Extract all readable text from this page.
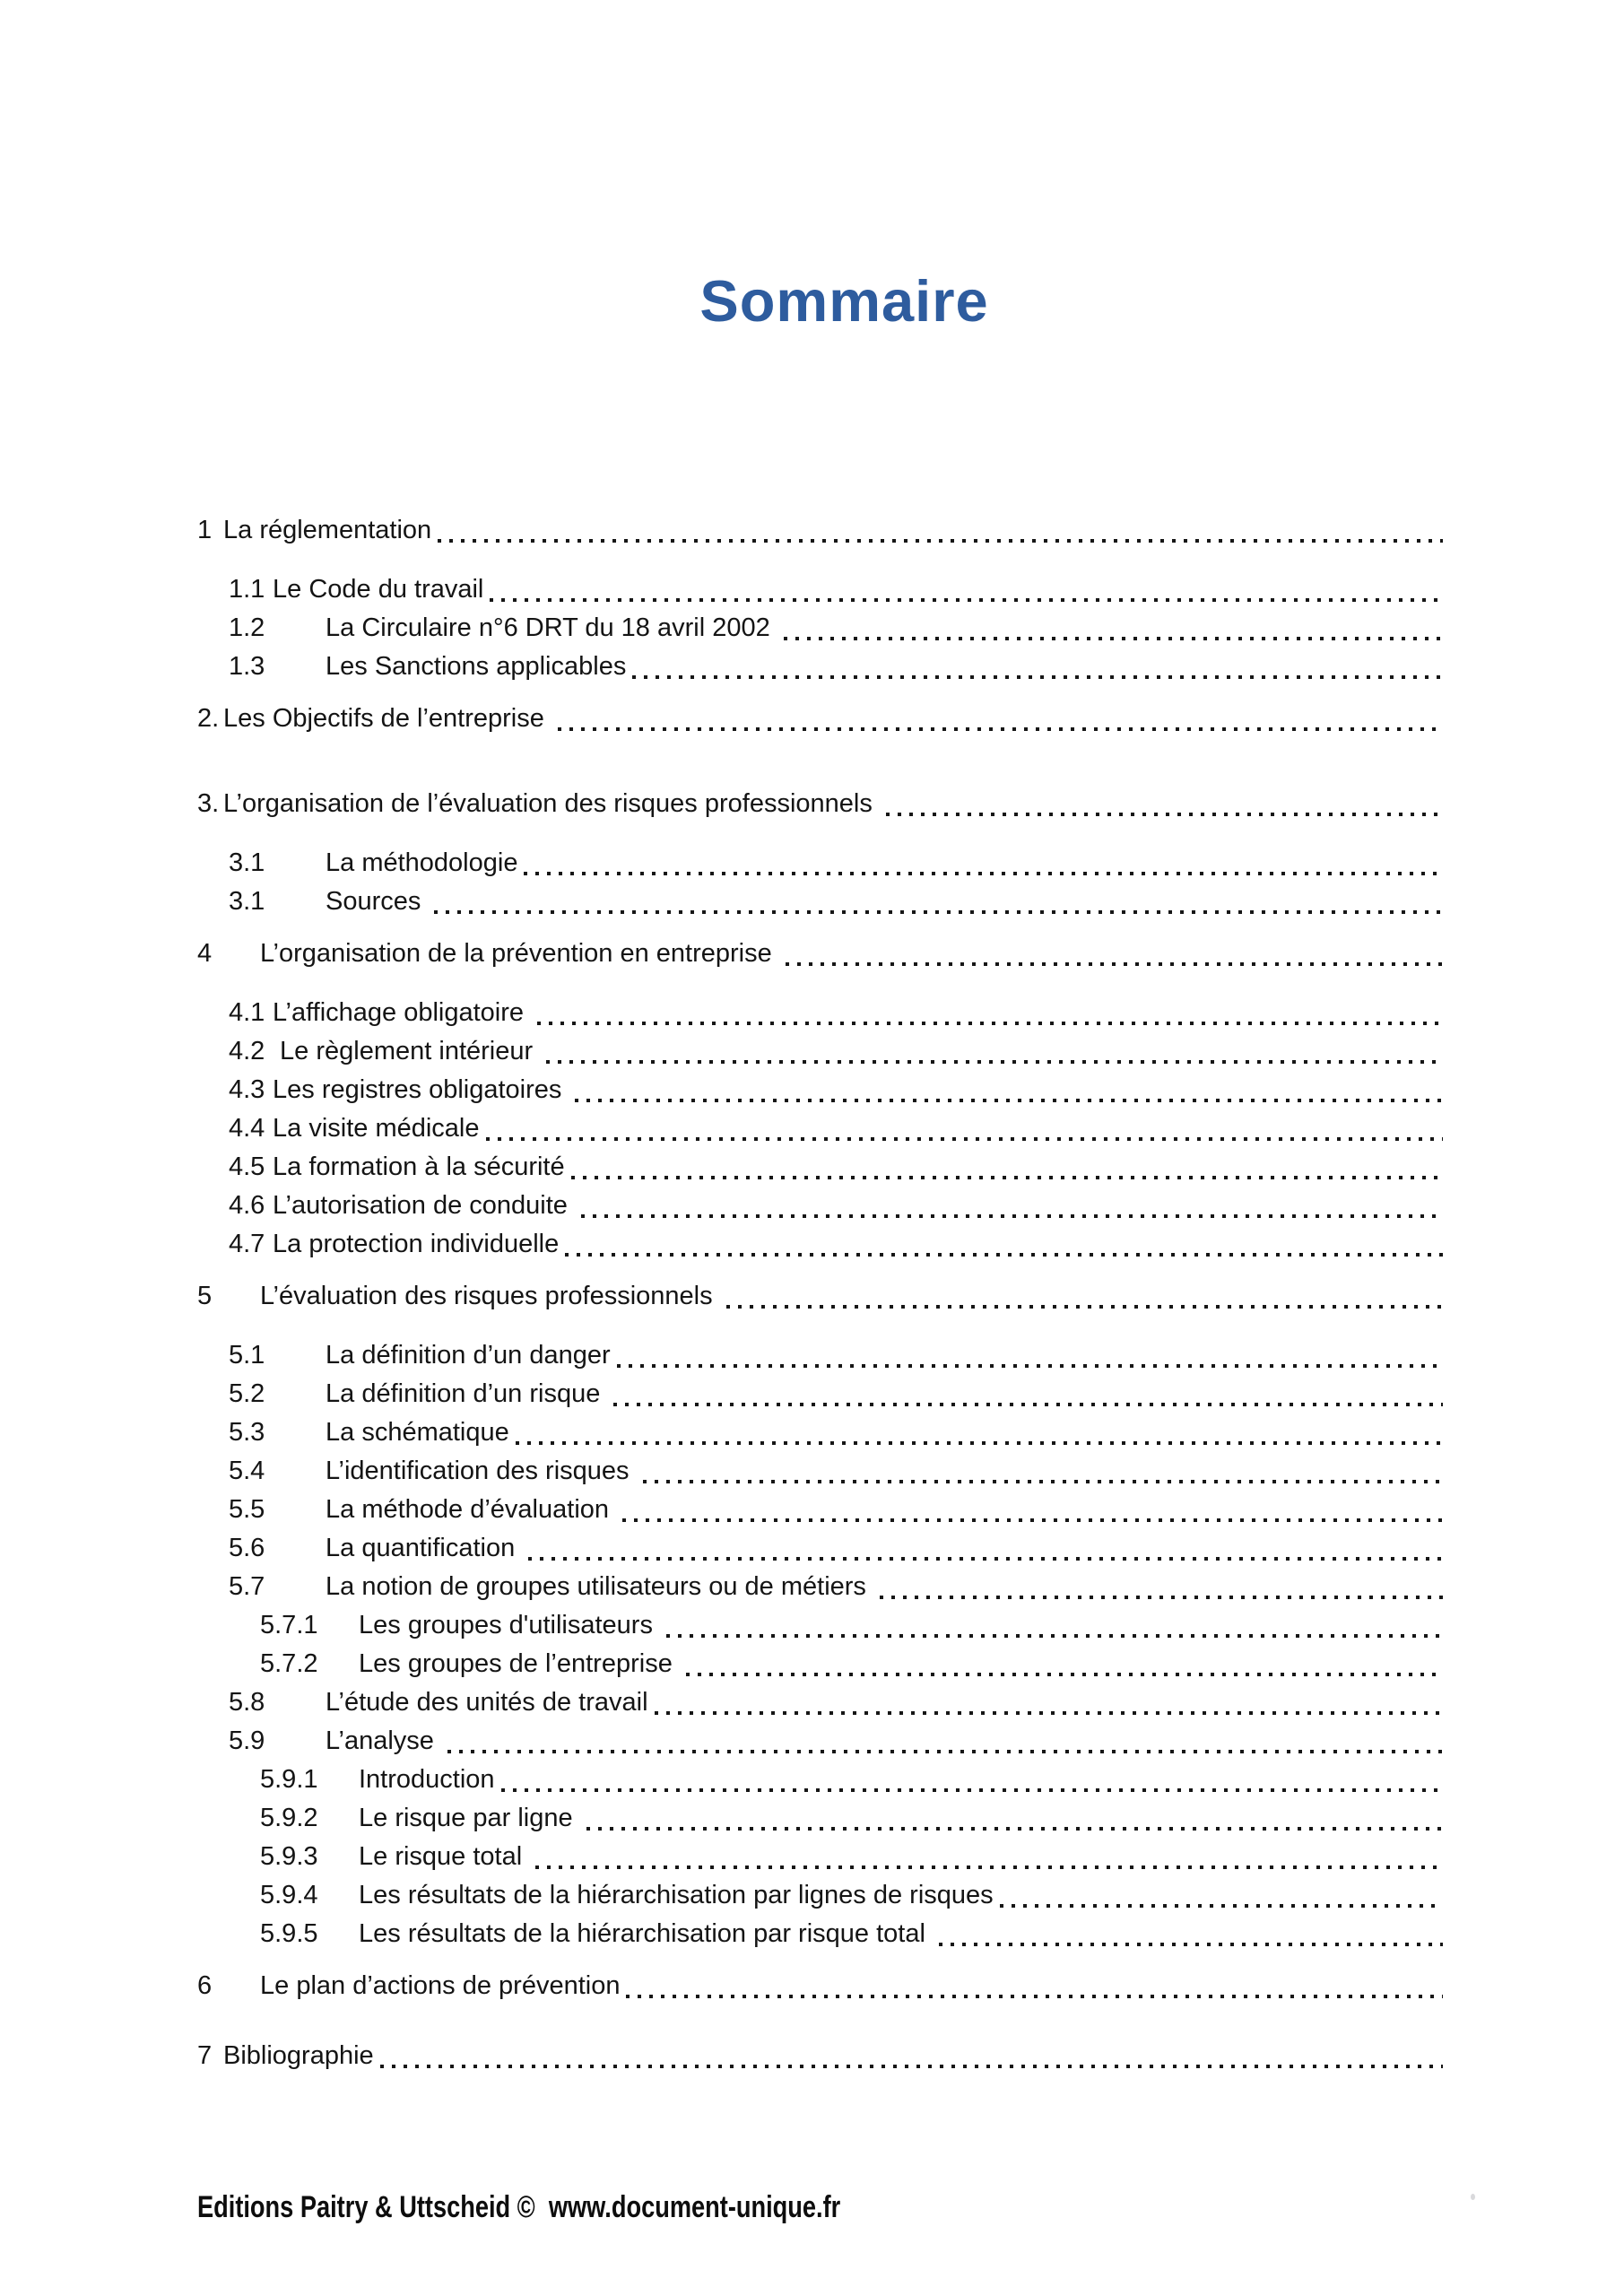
Sommaire
1 La réglementation
1.1 Le Code du travail
1.2	La Circulaire n°6 DRT du 18 avril 2002
1.3	Les Sanctions applicables
2. Les Objectifs de l’entreprise
3. L’organisation de l’évaluation des risques professionnels
3.1	La méthodologie
3.1	Sources
4	L’organisation de la prévention en entreprise
4.1 L’affichage obligatoire
4.2 Le règlement intérieur
4.3 Les registres obligatoires
4.4 La visite médicale
4.5 La formation à la sécurité
4.6 L’autorisation de conduite
4.7 La protection individuelle
5	L’évaluation des risques professionnels
5.1	La définition d’un danger
5.2	La définition d’un risque
5.3	La schématique
5.4	L’identification des risques
5.5	La méthode d’évaluation
5.6	La quantification
5.7	La notion de groupes utilisateurs ou de métiers
5.7.1	Les groupes d'utilisateurs
5.7.2	Les groupes de l’entreprise
5.8	L’étude des unités de travail
5.9	L’analyse
5.9.1	Introduction
5.9.2	Le risque par ligne
5.9.3	Le risque total
5.9.4	Les résultats de la hiérarchisation par lignes de risques
5.9.5	Les résultats de la hiérarchisation par risque total
6	Le plan d’actions de prévention
7 Bibliographie
Editions Paitry & Uttscheid ©  www.document-unique.fr
